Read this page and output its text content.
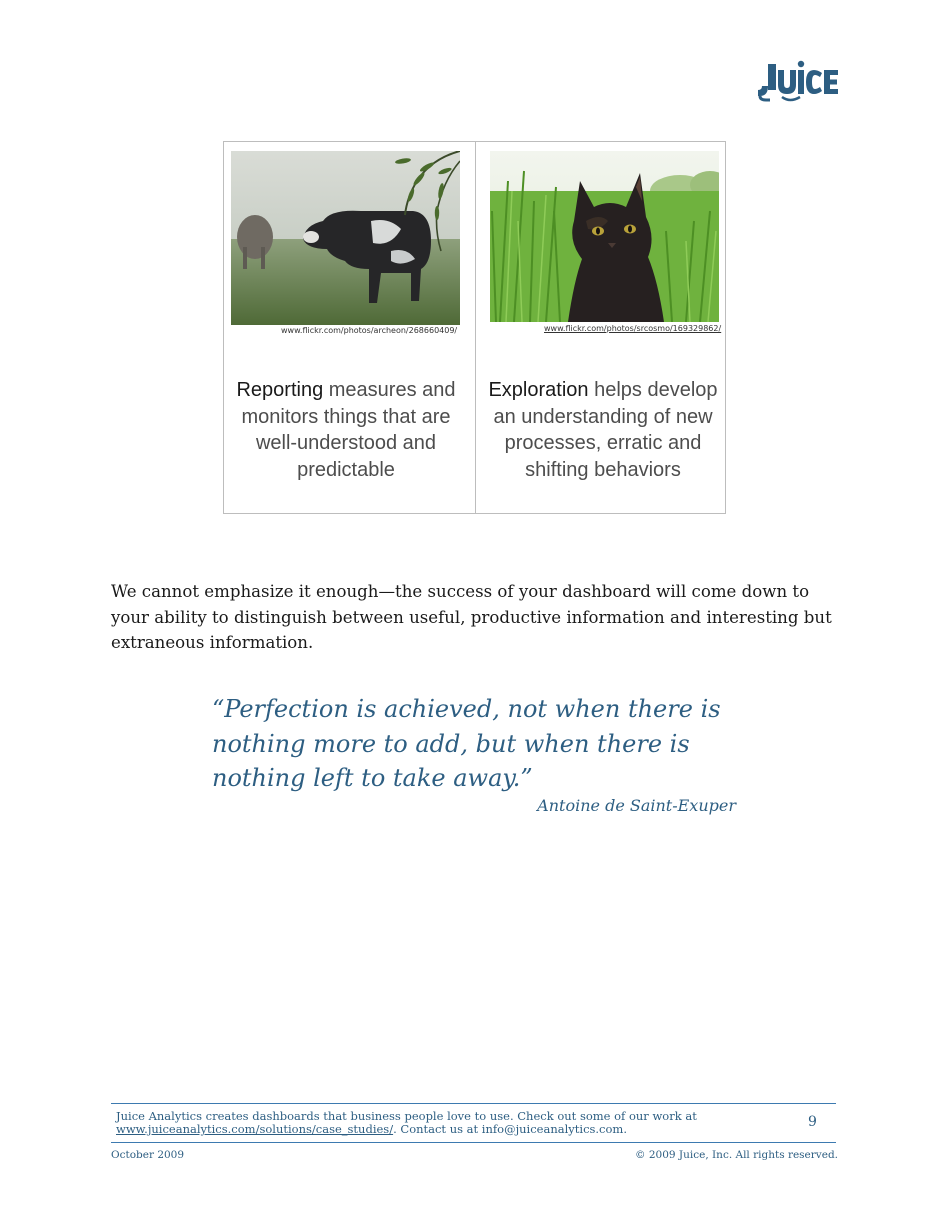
www.flickr.com/photos/archeon/268660409/	www.flickr.com/photos/srcosmo/169329862/
Reporting measures and monitors things that are well-understood and predictable
Exploration helps develop an understanding of new processes, erratic and shifting behaviors

We cannot emphasize it enough—the success of your dashboard will come down to your ability to distinguish between useful, productive information and interesting but extraneous information.

“Perfection is achieved, not when there is nothing more to add, but when there is nothing left to take away.”

Antoine de Saint-Exuper
Juice Analytics creates dashboards that business people love to use. Check out some of our work at www.juiceanalytics.com/solutions/case_studies/. Contact us at info@juiceanalytics.com.	9
October 2009	© 2009 Juice, Inc. All rights reserved.
